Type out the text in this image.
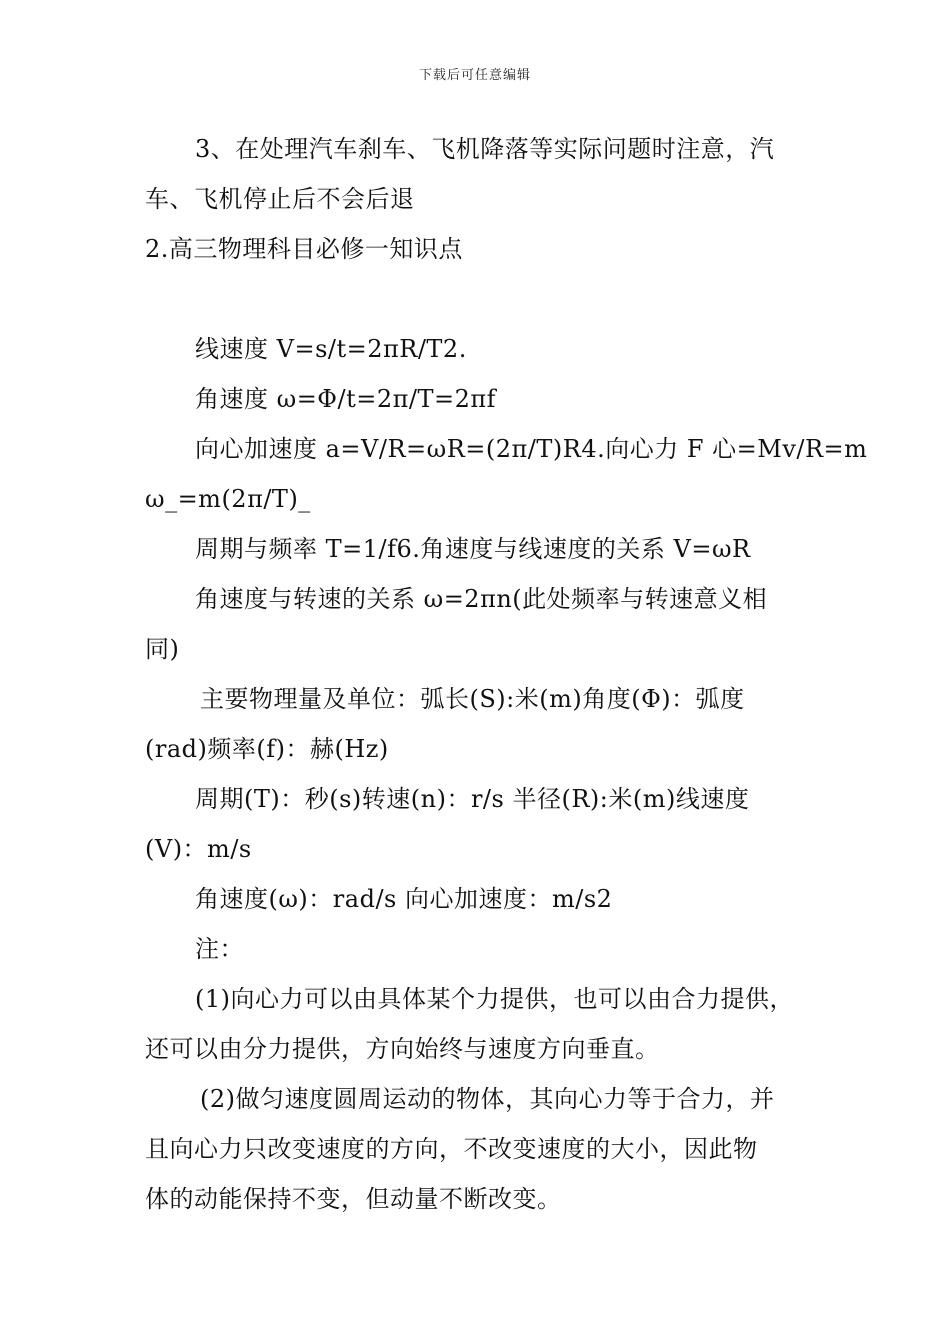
下载后可任意编辑
3、在处理汽车刹车、飞机降落等实际问题时注意，汽
车、飞机停止后不会后退
2.高三物理科目必修一知识点
线速度 V=s/t=2πR/T2.
角速度 ω=Φ/t=2π/T=2πf
向心加速度 a=V/R=ωR=(2π/T)R4.向心力 F 心=Mv/R=m
ω_=m(2π/T)_
周期与频率 T=1/f6.角速度与线速度的关系 V=ωR
角速度与转速的关系 ω=2πn(此处频率与转速意义相
同)
主要物理量及单位：弧长(S):米(m)角度(Φ)：弧度
(rad)频率(f)：赫(Hz)
周期(T)：秒(s)转速(n)：r/s 半径(R):米(m)线速度
(V)：m/s
角速度(ω)：rad/s 向心加速度：m/s2
注：
(1)向心力可以由具体某个力提供，也可以由合力提供，
还可以由分力提供，方向始终与速度方向垂直。
(2)做匀速度圆周运动的物体，其向心力等于合力，并
且向心力只改变速度的方向，不改变速度的大小，因此物
体的动能保持不变，但动量不断改变。
